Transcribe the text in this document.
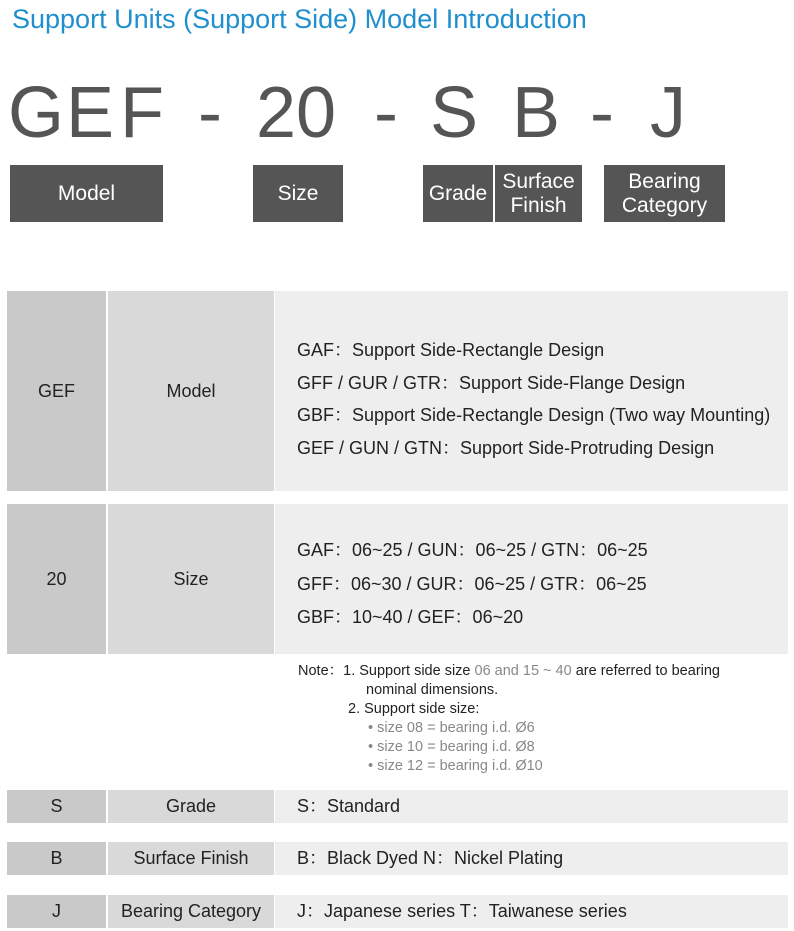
Support Units (Support Side) Model Introduction
G E F - 2 0 - S B - J
Model	Size	Grade
Surface
Finish
Bearing
Category
GEF	Model
GAF：Support Side-Rectangle Design
GFF / GUR / GTR：Support Side-Flange Design
GBF：Support Side-Rectangle Design (Two way Mounting)
GEF / GUN / GTN：Support Side-Protruding Design
20	Size
GAF：06~25 / GUN：06~25 / GTN：06~25
GFF：06~30 / GUR：06~25 / GTR：06~25
GBF：10~40 / GEF：06~20
Note：1. Support side size 06 and 15 ~ 40 are referred to bearing
nominal dimensions.
2. Support side size:
• size 08 = bearing i.d. Ø6
• size 10 = bearing i.d. Ø8
• size 12 = bearing i.d. Ø10
S	Grade	S：Standard
B	Surface Finish	B：Black Dyed N：Nickel Plating
J	Bearing Category	J：Japanese series T：Taiwanese series
